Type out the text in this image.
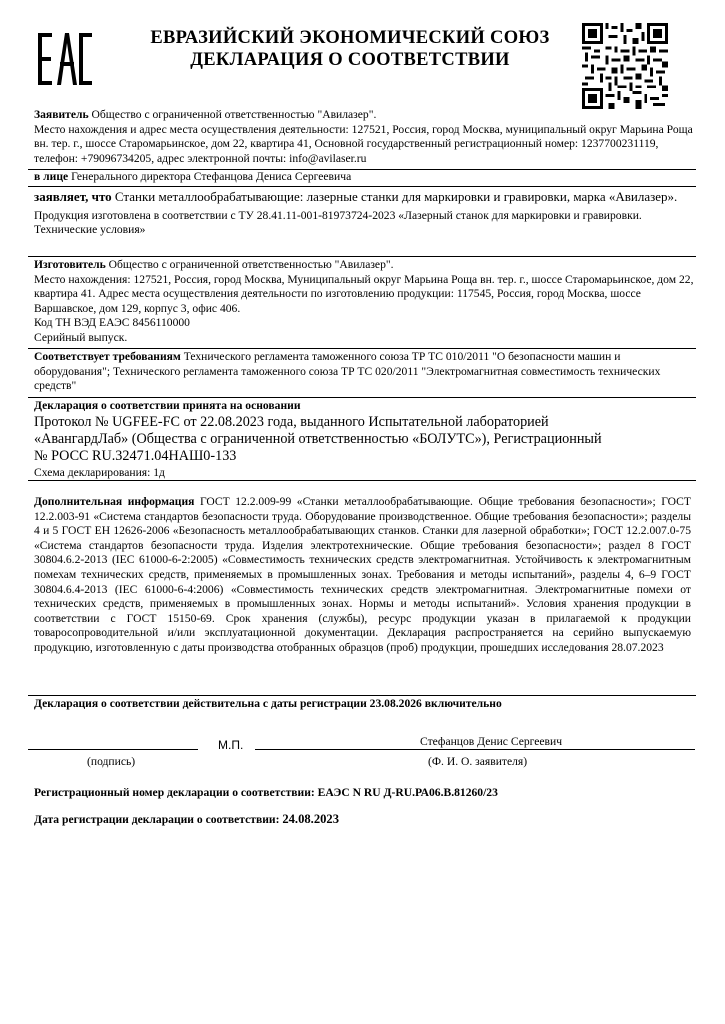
ЕВРАЗИЙСКИЙ ЭКОНОМИЧЕСКИЙ СОЮЗ
ДЕКЛАРАЦИЯ О СООТВЕТСТВИИ
Заявитель Общество с ограниченной ответственностью "Авилазер".
Место нахождения и адрес места осуществления деятельности: 127521, Россия, город Москва, муниципальный округ Марьина Роща вн. тер. г., шоссе Старомарьинское, дом 22, квартира 41, Основной государственный регистрационный номер: 1237700231119, телефон: +79096734205, адрес электронной почты: info@avilaser.ru
в лице Генерального директора Стефанцова Дениса Сергеевича
заявляет, что Станки металлообрабатывающие: лазерные станки для маркировки и гравировки, марка «Авилазер».
Продукция изготовлена в соответствии с ТУ 28.41.11-001-81973724-2023 «Лазерный станок для маркировки и гравировки. Технические условия»
Изготовитель Общество с ограниченной ответственностью "Авилазер".
Место нахождения: 127521, Россия, город Москва, Муниципальный округ Марьина Роща вн. тер. г., шоссе Старомарьинское, дом 22, квартира 41. Адрес места осуществления деятельности по изготовлению продукции: 117545, Россия, город Москва, шоссе Варшавское, дом 129, корпус 3, офис 406.
Код ТН ВЭД ЕАЭС 8456110000
Серийный выпуск.
Соответствует требованиям Технического регламента таможенного союза ТР ТС 010/2011 "О безопасности машин и оборудования"; Технического регламента таможенного союза ТР ТС 020/2011 "Электромагнитная совместимость технических средств"
Декларация о соответствии принята на основании
Протокол № UGFEE-FC от 22.08.2023 года, выданного Испытательной лабораторией «АвангардЛаб» (Общества с ограниченной ответственностью «БОЛУТС»), Регистрационный № РОСС RU.32471.04НАШ0-133
Схема декларирования: 1д
Дополнительная информация ГОСТ 12.2.009-99 «Станки металлообрабатывающие. Общие требования безопасности»; ГОСТ 12.2.003-91 «Система стандартов безопасности труда. Оборудование производственное. Общие требования безопасности»; разделы 4 и 5 ГОСТ ЕН 12626-2006 «Безопасность металлообрабатывающих станков. Станки для лазерной обработки»; ГОСТ 12.2.007.0-75 «Система стандартов безопасности труда. Изделия электротехнические. Общие требования безопасности»; раздел 8 ГОСТ 30804.6.2-2013 (IEC 61000-6-2:2005) «Совместимость технических средств электромагнитная. Устойчивость к электромагнитным помехам технических средств, применяемых в промышленных зонах. Требования и методы испытаний», разделы 4, 6–9 ГОСТ 30804.6.4-2013 (IEC 61000-6-4:2006) «Совместимость технических средств электромагнитная. Электромагнитные помехи от технических средств, применяемых в промышленных зонах. Нормы и методы испытаний». Условия хранения продукции в соответствии с ГОСТ 15150-69. Срок хранения (службы), ресурс продукции указан в прилагаемой к продукции товаросопроводительной и/или эксплуатационной документации. Декларация распространяется на серийно выпускаемую продукцию, изготовленную с даты производства отобранных образцов (проб) продукции, прошедших исследования 28.07.2023
Декларация о соответствии действительна с даты регистрации 23.08.2026 включительно
М.П.	Стефанцов Денис Сергеевич
(подпись)	(Ф. И. О. заявителя)
Регистрационный номер декларации о соответствии: ЕАЭС N RU Д-RU.РА06.В.81260/23
Дата регистрации декларации о соответствии: 24.08.2023
